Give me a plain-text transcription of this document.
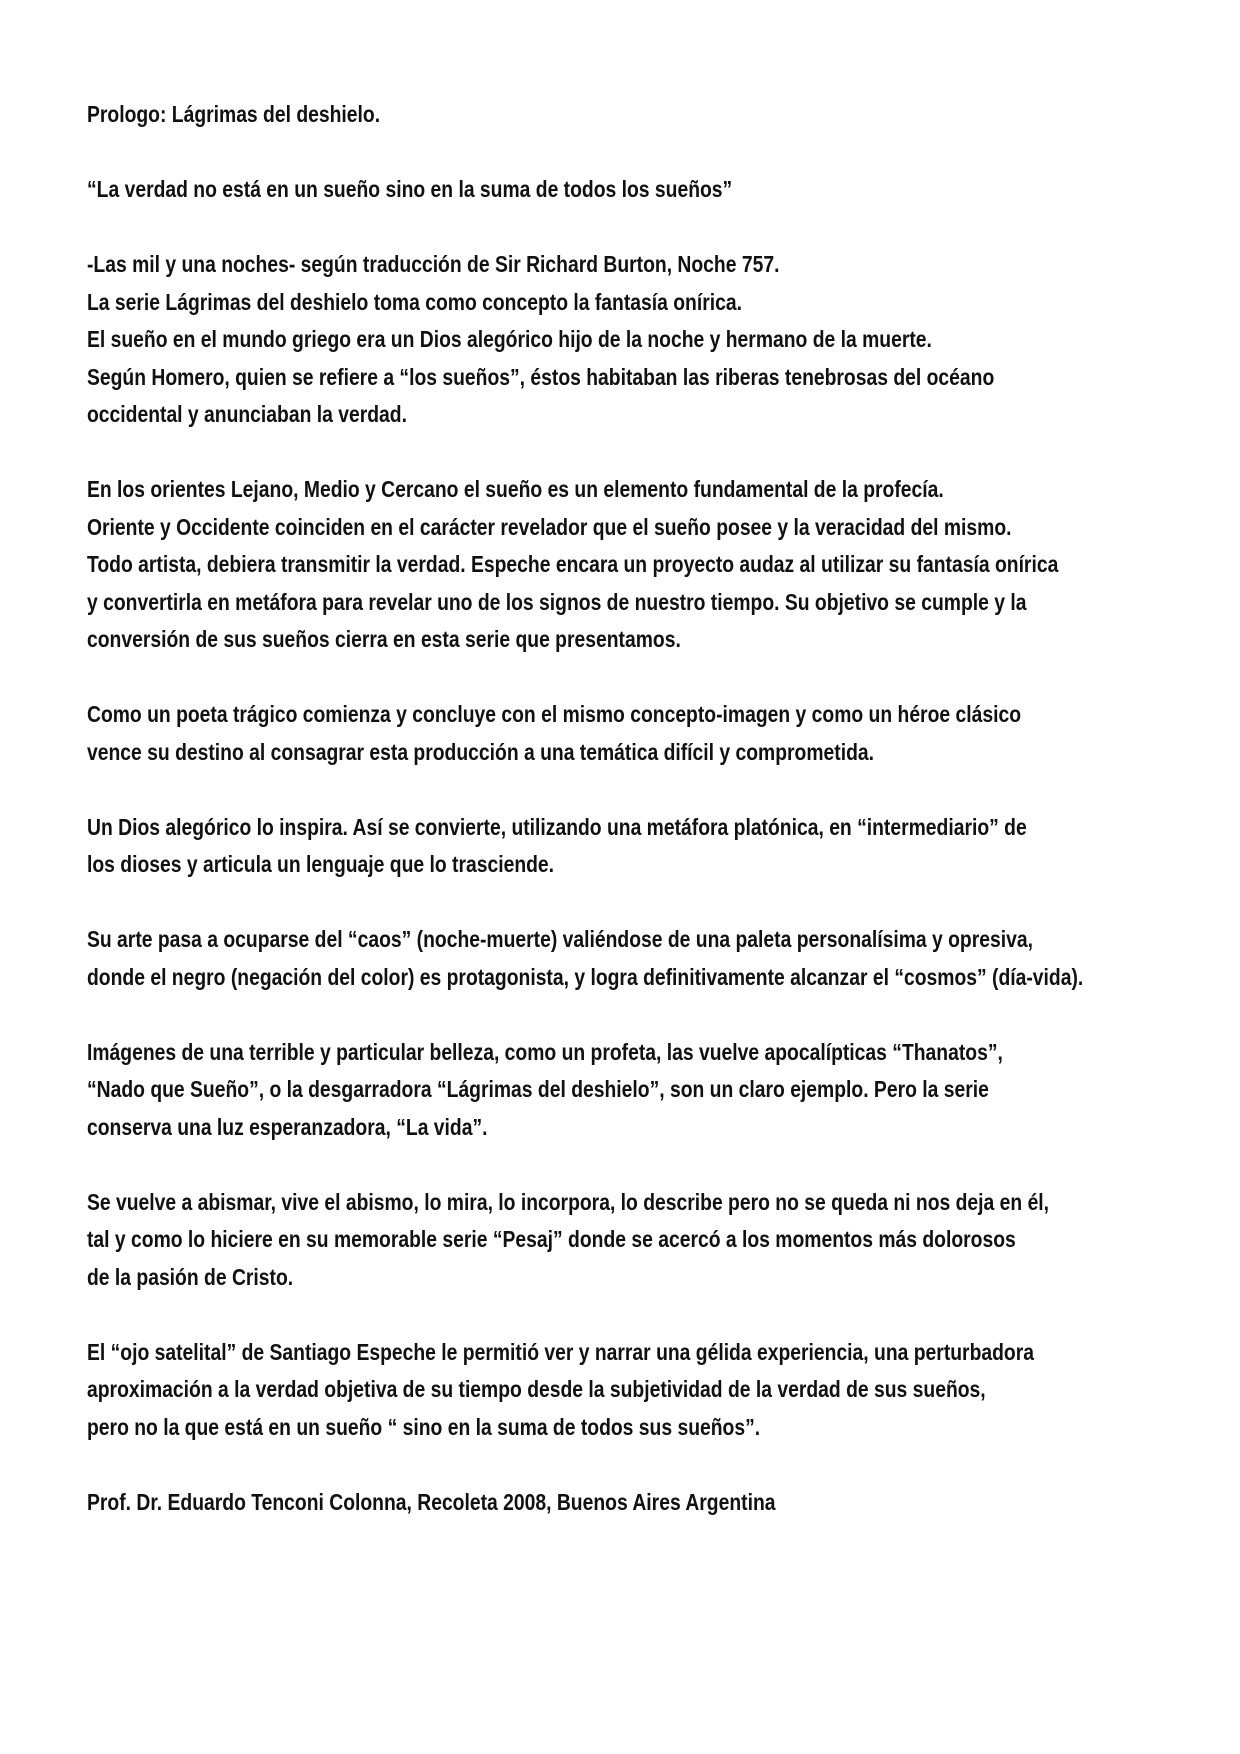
Prologo: Lágrimas del deshielo.
“La verdad no está en un sueño sino en la suma de todos los sueños”
-Las mil y una noches- según traducción de Sir Richard Burton, Noche 757.
La serie Lágrimas del deshielo toma como concepto la fantasía onírica.
El sueño en el mundo griego era un Dios alegórico hijo de la noche y hermano de la muerte.
Según Homero, quien se refiere a “los sueños”, éstos habitaban las riberas tenebrosas del océano
occidental y anunciaban la verdad.
En los orientes Lejano, Medio y Cercano el sueño es un elemento fundamental de la profecía.
Oriente y Occidente coinciden en el carácter revelador que el sueño posee y la veracidad del mismo.
Todo artista, debiera transmitir la verdad. Espeche encara un proyecto audaz al utilizar su fantasía onírica
y convertirla en metáfora para revelar uno de los signos de nuestro tiempo. Su objetivo se cumple y la
conversión de sus sueños cierra en esta serie que presentamos.
Como un poeta trágico comienza y concluye con el mismo concepto-imagen y como un héroe clásico
vence su destino al consagrar esta producción a una temática difícil y comprometida.
Un Dios alegórico lo inspira. Así se convierte, utilizando una metáfora platónica, en “intermediario” de
los dioses y articula un lenguaje que lo trasciende.
Su arte pasa a ocuparse del “caos” (noche-muerte) valiéndose de una paleta personalísima y opresiva,
donde el negro (negación del color) es protagonista, y logra definitivamente alcanzar el “cosmos” (día-vida).
Imágenes de una terrible y particular belleza, como un profeta, las vuelve apocalípticas “Thanatos”,
“Nado que Sueño”, o la desgarradora “Lágrimas del deshielo”, son un claro ejemplo. Pero la serie
conserva una luz esperanzadora, “La vida”.
Se vuelve a abismar, vive el abismo, lo mira, lo incorpora, lo describe pero no se queda ni nos deja en él,
tal y como lo hiciere en su memorable serie “Pesaj” donde se acercó a los momentos más dolorosos
de la pasión de Cristo.
El “ojo satelital” de Santiago Espeche le permitió ver y narrar una gélida experiencia, una perturbadora
aproximación a la verdad objetiva de su tiempo desde la subjetividad de la verdad de sus sueños,
pero no la que está en un sueño “ sino en la suma de todos sus sueños”.
Prof. Dr. Eduardo Tenconi Colonna, Recoleta 2008, Buenos Aires Argentina
